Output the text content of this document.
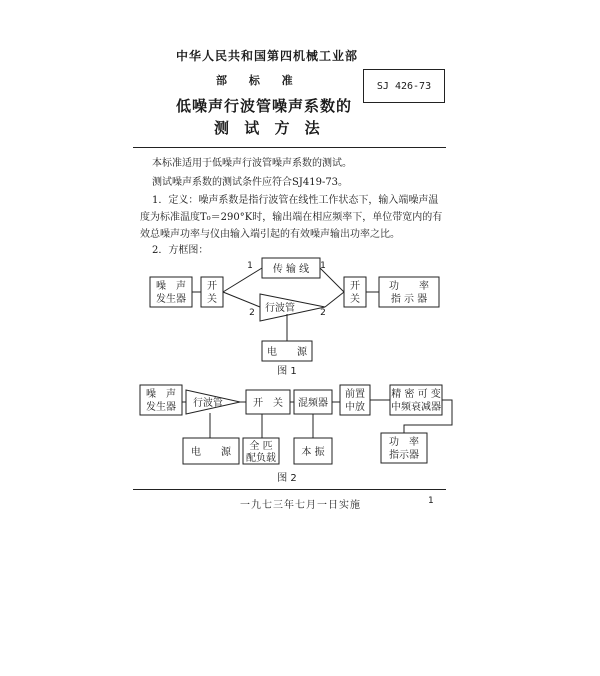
中华人民共和国第四机械工业部
部 标 准
低噪声行波管噪声系数的
测 试 方 法
SJ 426-73
本标准适用于低噪声行波管噪声系数的测试。
测试噪声系数的测试条件应符合SJ419-73。
1．定义：噪声系数是指行波管在线性工作状态下，输入端噪声温
度为标准温度T₀＝290°K时，输出端在相应频率下，单位带宽内的有
效总噪声功率与仪由输入端引起的有效噪声输出功率之比。
2．方框图：
噪　声
发生器
开
关
传 输 线
行波管
开
关
功　　率
指 示 器
电　　源
1	1
2	2
图 1
噪　声
发生器 行波管	开　关 混频器
前置
中放
精 密 可 变
中频衰减器
电　　源
全 匹
配负载
本 振
功　率
指示器
图 2
一九七三年七月一日实施	1
